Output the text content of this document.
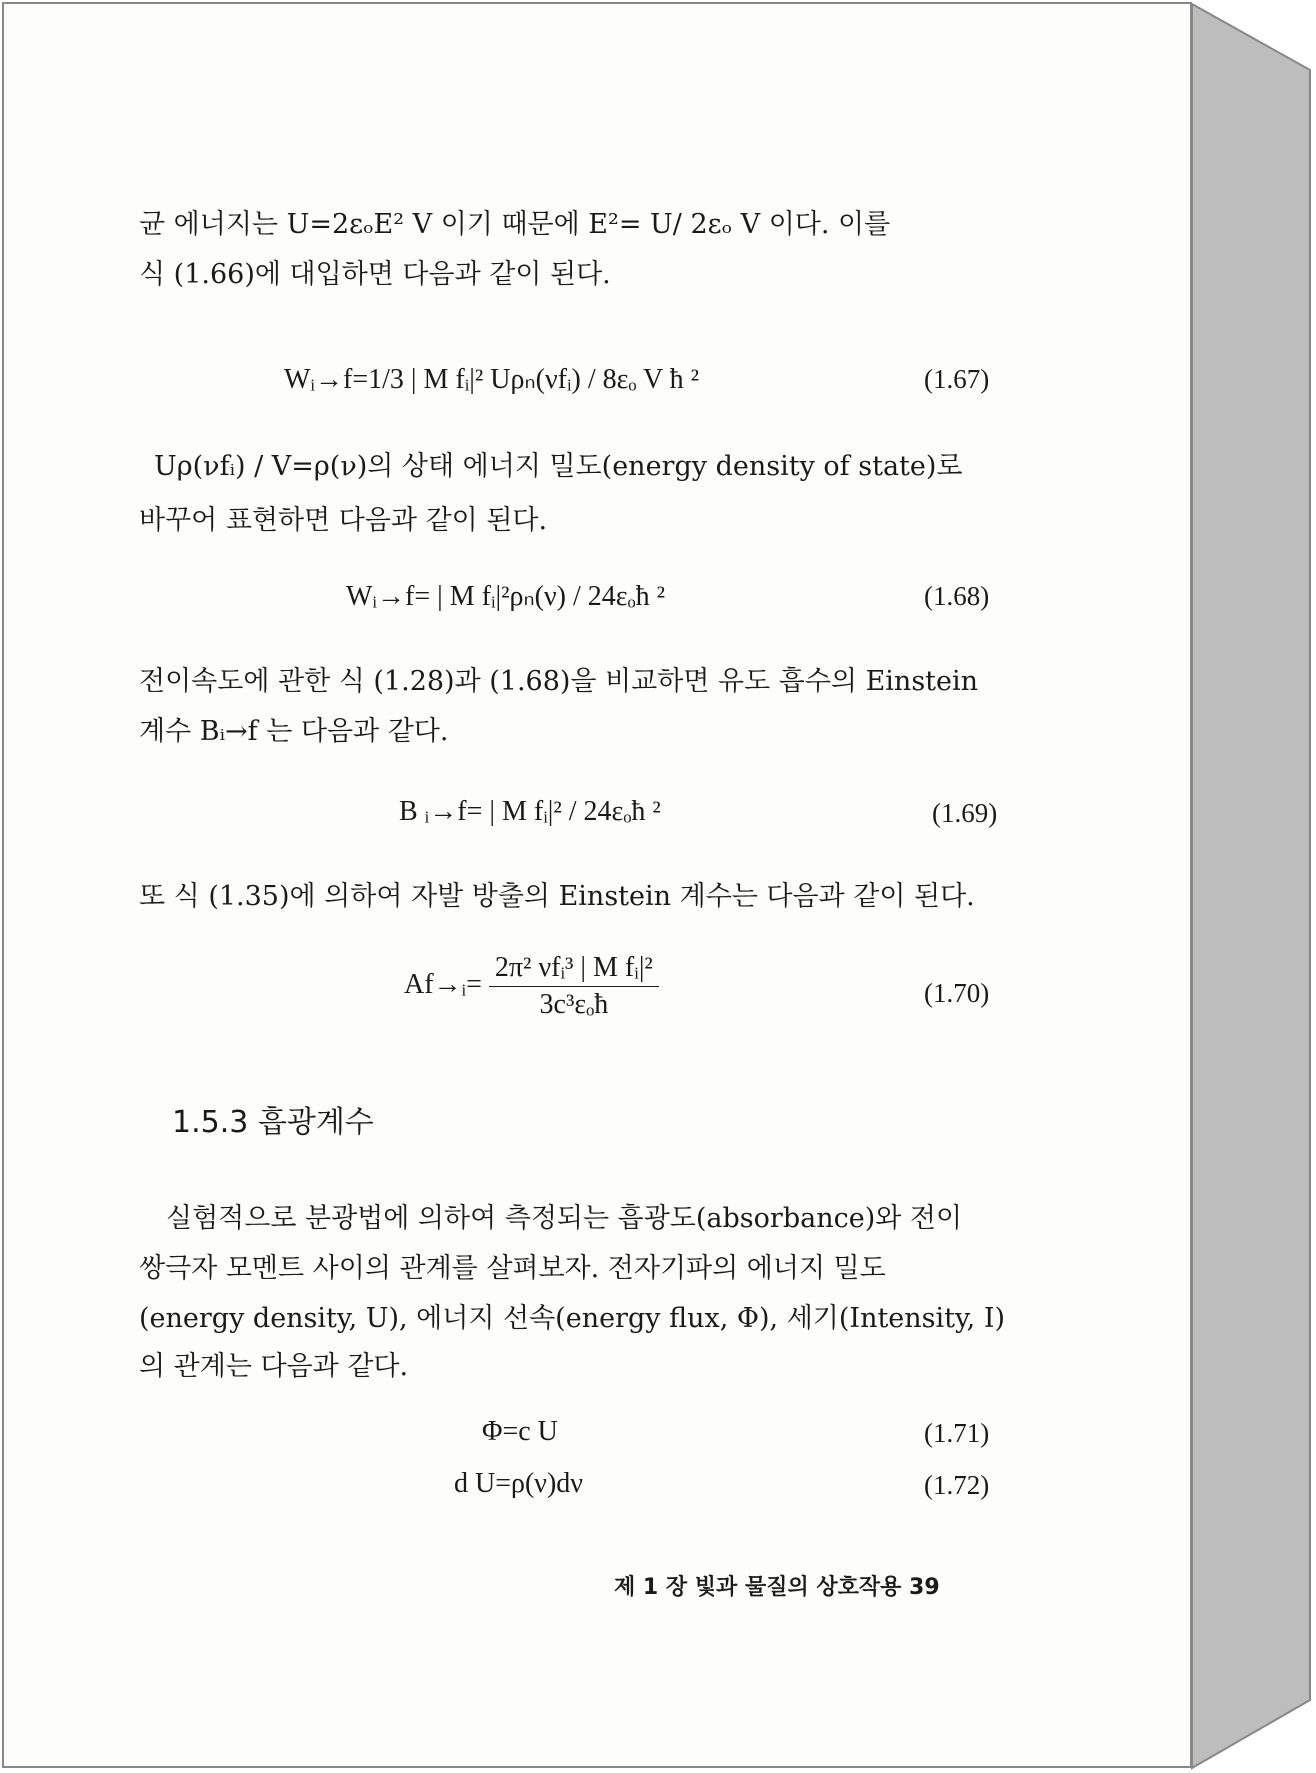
균 에너지는 U=2εₒE² V 이기 때문에 E²= U/ 2εₒ V 이다. 이를
식 (1.66)에 대입하면 다음과 같이 된다.
Wᵢ→f=1/3 | M fᵢ|² Uρₙ(νfᵢ) / 8εₒ V ħ ²	(1.67)
Uρ(νfᵢ) / V=ρ(ν)의 상태 에너지 밀도(energy density of state)로
바꾸어 표현하면 다음과 같이 된다.
Wᵢ→f= | M fᵢ|²ρₙ(ν) / 24εₒħ ²	(1.68)
전이속도에 관한 식 (1.28)과 (1.68)을 비교하면 유도 흡수의 Einstein
계수 Bᵢ→f 는 다음과 같다.
B ᵢ→f= | M fᵢ|² / 24εₒħ ²	(1.69)
또 식 (1.35)에 의하여 자발 방출의 Einstein 계수는 다음과 같이 된다.
Af→ᵢ= $\frac{\text{2π² νfᵢ³ | M fᵢ|²}}{\text{3c³εₒħ}}$	(1.70)
1.5.3 흡광계수
실험적으로 분광법에 의하여 측정되는 흡광도(absorbance)와 전이
쌍극자 모멘트 사이의 관계를 살펴보자. 전자기파의 에너지 밀도
(energy density, U), 에너지 선속(energy flux, Φ), 세기(Intensity, I)
의 관계는 다음과 같다.
Φ=c U	(1.71)
d U=ρ(ν)dν	(1.72)
제 1 장 빛과 물질의 상호작용 39
